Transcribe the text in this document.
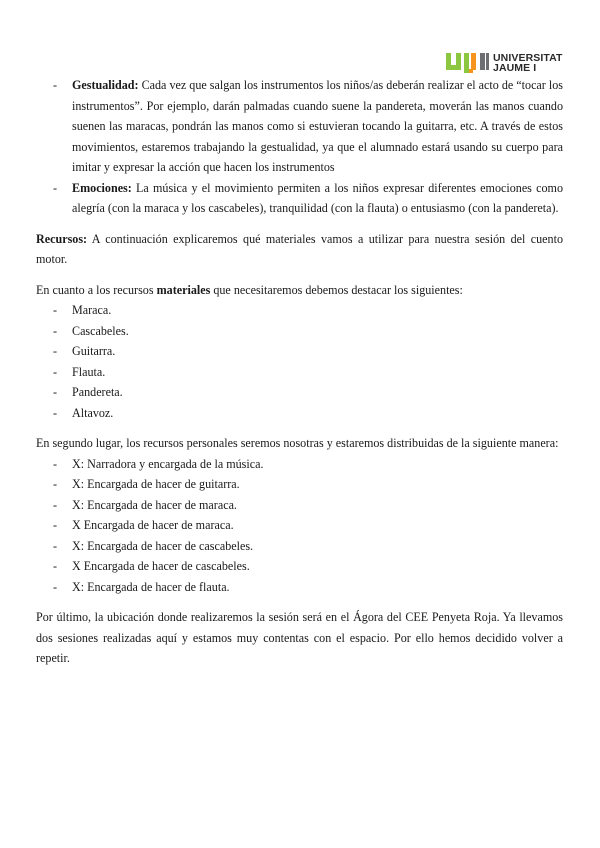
UNIVERSITAT
JAUME I
- Gestualidad: Cada vez que salgan los instrumentos los niños/as deberán realizar el acto de “tocar los instrumentos”. Por ejemplo, darán palmadas cuando suene la pandereta, moverán las manos cuando suenen las maracas, pondrán las manos como si estuvieran tocando la guitarra, etc. A través de estos movimientos, estaremos trabajando la gestualidad, ya que el alumnado estará usando su cuerpo para imitar y expresar la acción que hacen los instrumentos
- Emociones: La música y el movimiento permiten a los niños expresar diferentes emociones como alegría (con la maraca y los cascabeles), tranquilidad (con la flauta) o entusiasmo (con la pandereta).

Recursos: A continuación explicaremos qué materiales vamos a utilizar para nuestra sesión del cuento motor.

En cuanto a los recursos materiales que necesitaremos debemos destacar los siguientes:

- Maraca.
- Cascabeles.
- Guitarra.
- Flauta.
- Pandereta.
- Altavoz.

En segundo lugar, los recursos personales seremos nosotras y estaremos distribuidas de la siguiente manera:

- X: Narradora y encargada de la música.
- X: Encargada de hacer de guitarra.
- X: Encargada de hacer de maraca.
- X Encargada de hacer de maraca.
- X: Encargada de hacer de cascabeles.
- X Encargada de hacer de cascabeles.
- X: Encargada de hacer de flauta.

Por último, la ubicación donde realizaremos la sesión será en el Ágora del CEE Penyeta Roja. Ya llevamos dos sesiones realizadas aquí y estamos muy contentas con el espacio. Por ello hemos decidido volver a repetir.
